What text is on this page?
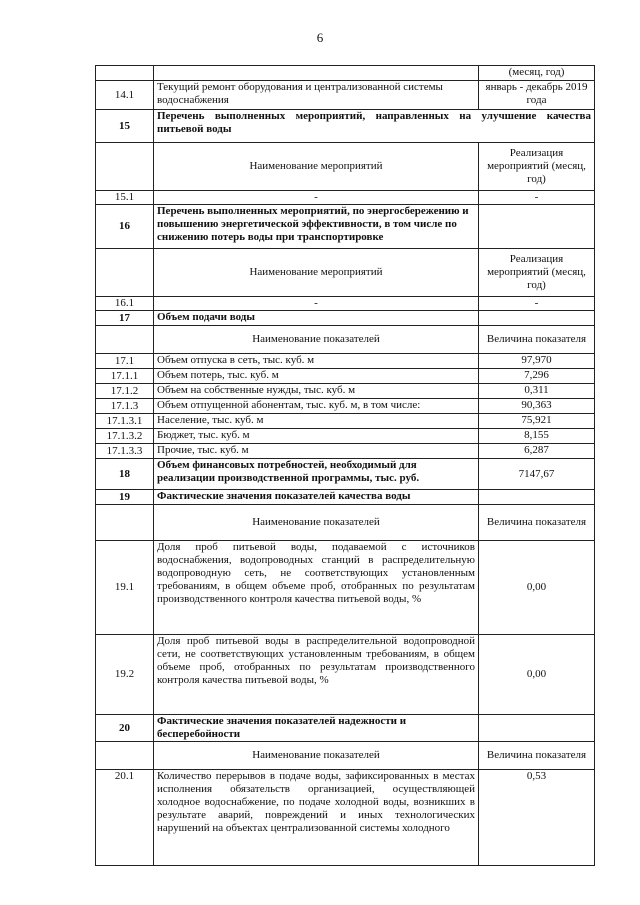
6
		(месяц, год)
14.1	Текущий ремонт оборудования и централизованной системы водоснабжения	январь - декабрь 2019 года
15	Перечень выполненных мероприятий, направленных на улучшение качества питьевой воды	
	Наименование мероприятий	Реализация мероприятий (месяц, год)
15.1	-	-
16	Перечень выполненных мероприятий, по энергосбережению и повышению энергетической эффективности, в том числе по снижению потерь воды при транспортировке	
	Наименование мероприятий	Реализация мероприятий (месяц, год)
16.1	-	-
17	Объем подачи воды	
	Наименование показателей	Величина показателя
17.1	Объем отпуска в сеть, тыс. куб. м	97,970
17.1.1	Объем потерь, тыс. куб. м	7,296
17.1.2	Объем на собственные нужды, тыс. куб. м	0,311
17.1.3	Объем отпущенной абонентам, тыс. куб. м, в том числе:	90,363
17.1.3.1	Население, тыс. куб. м	75,921
17.1.3.2	Бюджет, тыс. куб. м	8,155
17.1.3.3	Прочие, тыс. куб. м	6,287
18	Объем финансовых потребностей, необходимый для реализации производственной программы, тыс. руб.	7147,67
19	Фактические значения показателей качества воды	
	Наименование показателей	Величина показателя
19.1	Доля проб питьевой воды, подаваемой с источников водоснабжения, водопроводных станций в распределительную водопроводную сеть, не соответствующих установленным требованиям, в общем объеме проб, отобранных по результатам производственного контроля качества питьевой воды, %	0,00
19.2	Доля проб питьевой воды в распределительной водопроводной сети, не соответствующих установленным требованиям, в общем объеме проб, отобранных по результатам производственного контроля качества питьевой воды, %	0,00
20	Фактические значения показателей надежности и бесперебойности	
	Наименование показателей	Величина показателя
20.1	Количество перерывов в подаче воды, зафиксированных в местах исполнения обязательств организацией, осуществляющей холодное водоснабжение, по подаче холодной воды, возникших в результате аварий, повреждений и иных технологических нарушений на объектах централизованной системы холодного	0,53
